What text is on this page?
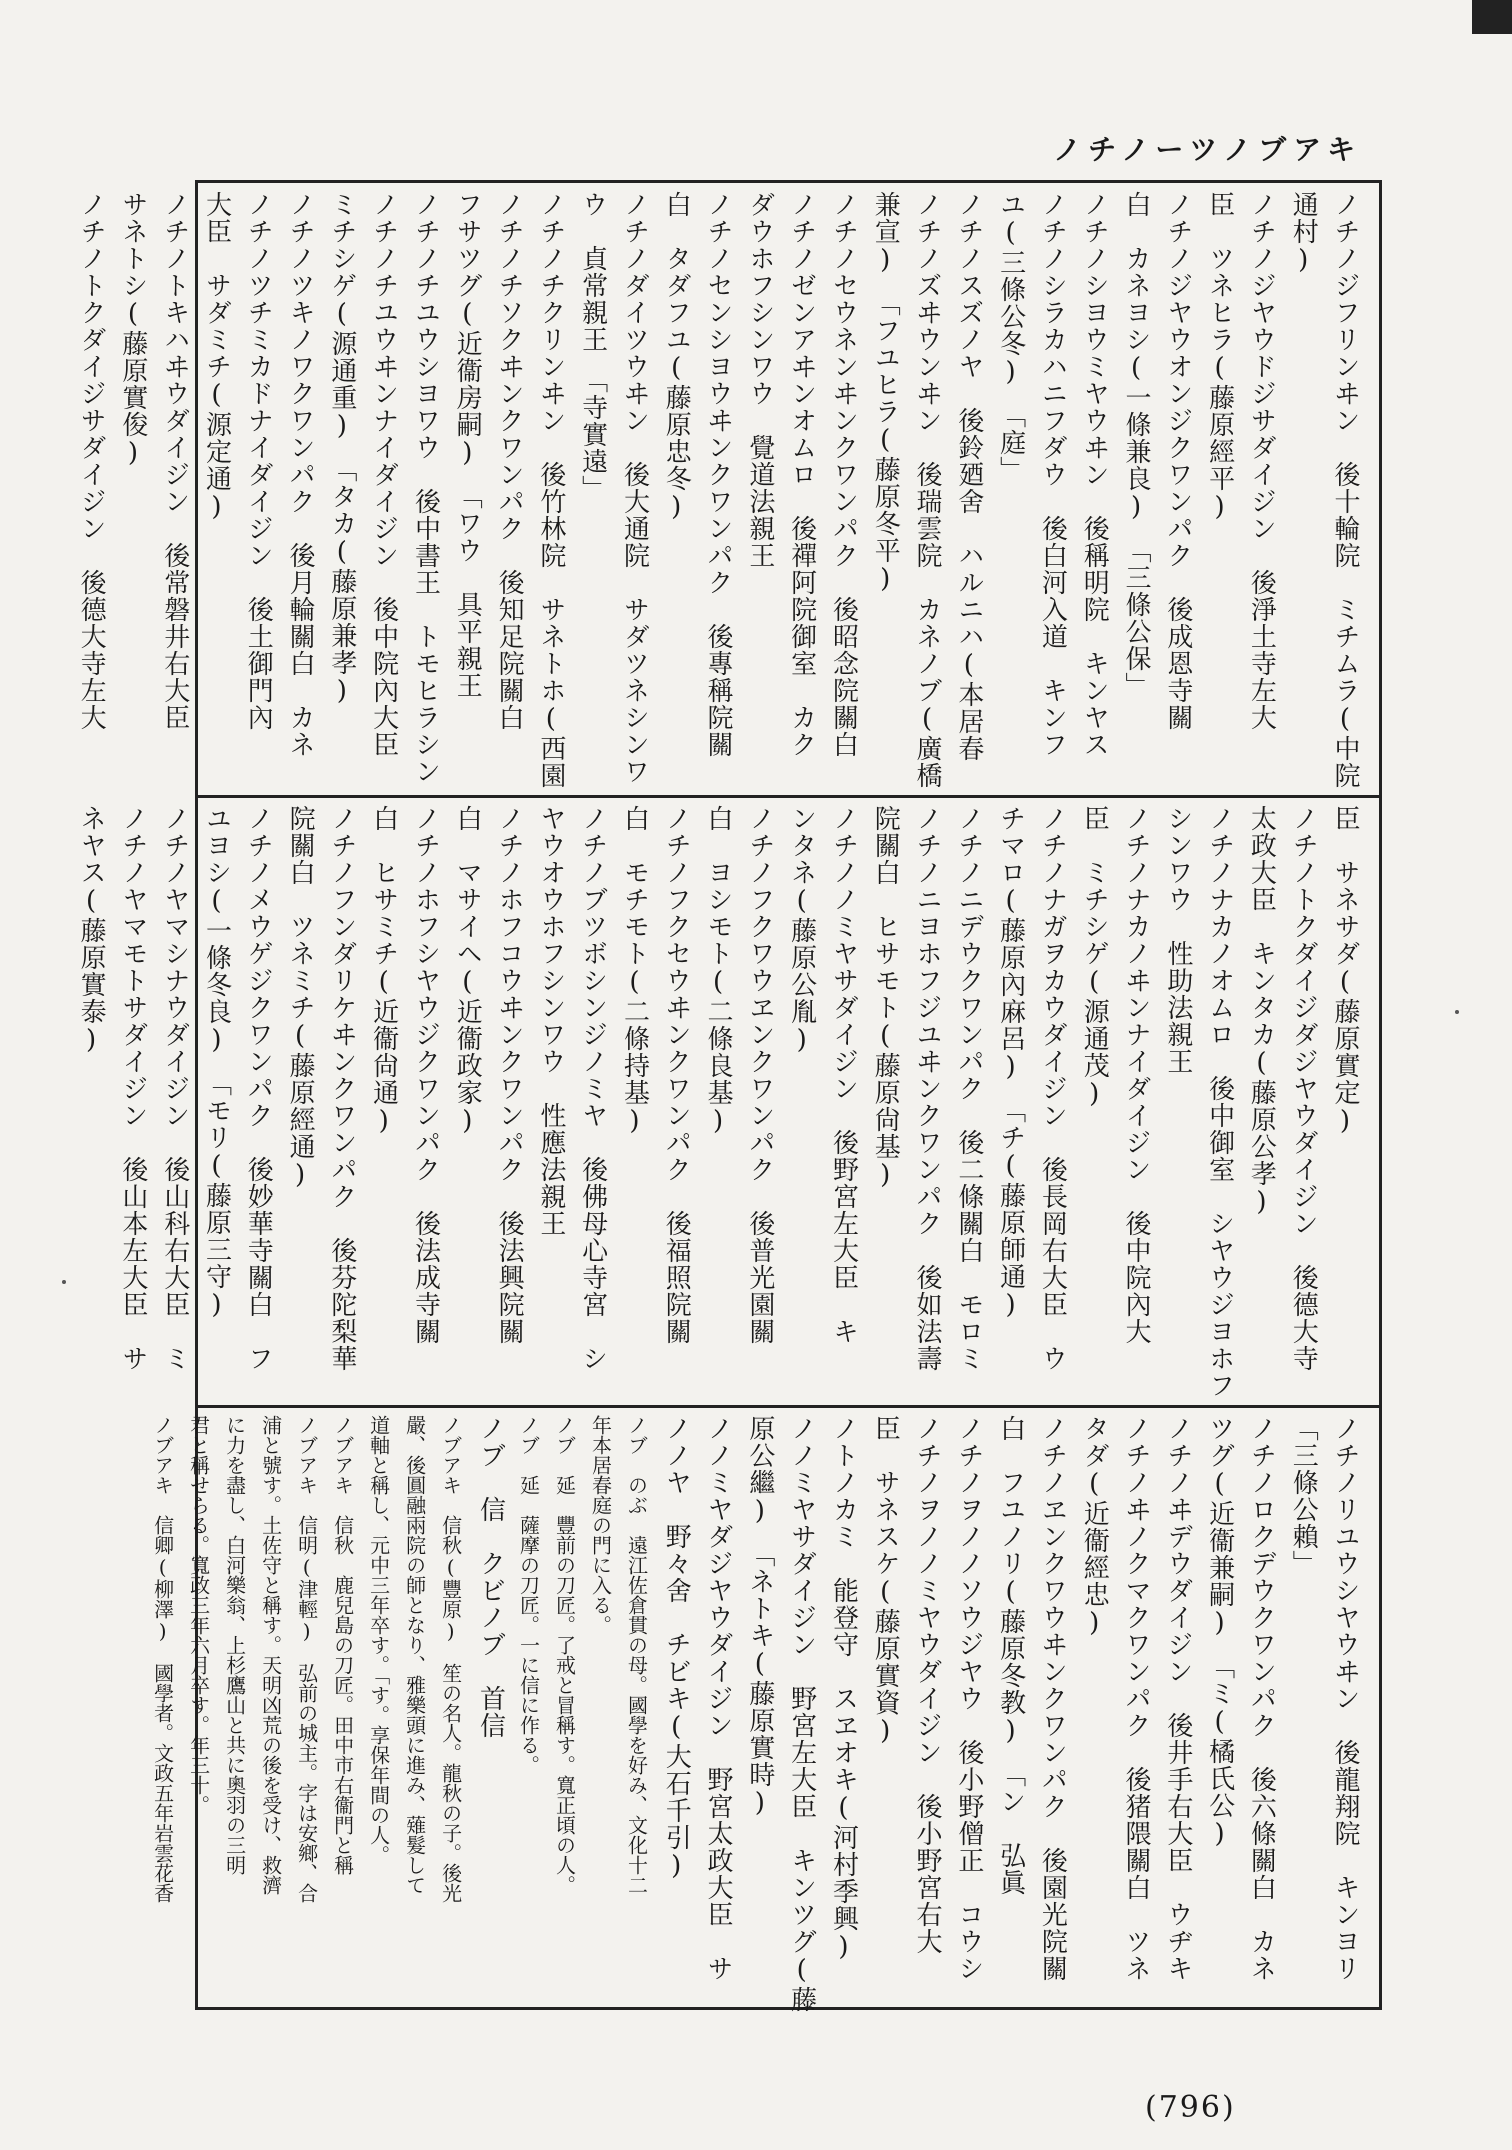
ノチノーツノブアキ
ノチノジフリンヰン　後十輪院　ミチムラ(中院
通村)
ノチノジヤウドジサダイジン　後淨土寺左大
臣　ツネヒラ(藤原經平)
ノチノジヤウオンジクワンパク　後成恩寺關
白　カネヨシ(一條兼良)　「三條公保」
ノチノシヨウミヤウヰン　後稱明院　キンヤス
ノチノシラカハニフダウ　後白河入道　キンフ
ユ(三條公冬)　「庭」
ノチノスズノヤ　後鈴廼舍　ハルニハ(本居春
ノチノズヰウンヰン　後瑞雲院　カネノブ(廣橋
兼宣)　「フユヒラ(藤原冬平)
ノチノセウネンヰンクワンパク　後昭念院關白
ノチノゼンアヰンオムロ　後禪阿院御室　カク
ダウホフシンワウ　覺道法親王
ノチノセンシヨウヰンクワンパク　後專稱院關
白　タダフユ(藤原忠冬)
ノチノダイツウヰン　後大通院　サダツネシンワ
ウ　貞常親王　「寺實遠」
ノチノチクリンヰン　後竹林院　サネトホ(西園
ノチノチソクヰンクワンパク　後知足院關白
フサツグ(近衞房嗣)　「ワウ　具平親王
ノチノチユウシヨワウ　後中書王　トモヒラシン
ノチノチユウヰンナイダイジン　後中院內大臣
ミチシゲ(源通重)　「タカ(藤原兼孝)
ノチノツキノワクワンパク　後月輪關白　カネ
ノチノツチミカドナイダイジン　後土御門內
大臣　サダミチ(源定通)
ノチノトキハヰウダイジン　後常磐井右大臣
サネトシ(藤原實俊)
ノチノトクダイジサダイジン　後德大寺左大
臣　サネサダ(藤原實定)
ノチノトクダイジダジヤウダイジン　後德大寺
太政大臣　キンタカ(藤原公孝)
ノチノナカノオムロ　後中御室　シヤウジヨホフ
シンワウ　性助法親王
ノチノナカノヰンナイダイジン　後中院內大
臣　ミチシゲ(源通茂)
ノチノナガヲカウダイジン　後長岡右大臣　ウ
チマロ(藤原內麻呂)　「チ(藤原師通)
ノチノニデウクワンパク　後二條關白　モロミ
ノチノニヨホフジユヰンクワンパク　後如法壽
院關白　ヒサモト(藤原尙基)
ノチノノミヤサダイジン　後野宮左大臣　キ
ンタネ(藤原公胤)
ノチノフクワウヱンクワンパク　後普光園關
白　ヨシモト(二條良基)
ノチノフクセウヰンクワンパク　後福照院關
白　モチモト(二條持基)
ノチノブツボシンジノミヤ　後佛母心寺宮　シ
ヤウオウホフシンワウ　性應法親王
ノチノホフコウヰンクワンパク　後法興院關
白　マサイヘ(近衞政家)
ノチノホフシヤウジクワンパク　後法成寺關
白　ヒサミチ(近衞尙通)
ノチノフンダリケヰンクワンパク　後芬陀梨華
院關白　ツネミチ(藤原經通)
ノチノメウゲジクワンパク　後妙華寺關白　フ
ユヨシ(一條冬良)　「モリ(藤原三守)
ノチノヤマシナウダイジン　後山科右大臣　ミ
ノチノヤマモトサダイジン　後山本左大臣　サ
ネヤス(藤原實泰)
ノチノリユウシヤウヰン　後龍翔院　キンヨリ
「三條公賴」
ノチノロクデウクワンパク　後六條關白　カネ
ツグ(近衞兼嗣)　「ミ(橘氏公)
ノチノヰデウダイジン　後井手右大臣　ウヂキ
ノチノヰノクマクワンパク　後猪隈關白　ツネ
タダ(近衞經忠)
ノチノヱンクワウヰンクワンパク　後園光院關
白　フユノリ(藤原冬教)　「ン　弘眞
ノチノヲノノソウジヤウ　後小野僧正　コウシ
ノチノヲノノミヤウダイジン　後小野宮右大
臣　サネスケ(藤原實資)
ノトノカミ　能登守　スヱオキ(河村季興)
ノノミヤサダイジン　野宮左大臣　キンツグ(藤
原公繼)　「ネトキ(藤原實時)
ノノミヤダジヤウダイジン　野宮太政大臣　サ
ノノヤ　野々舍　チビキ(大石千引)
ノブ　のぶ　遠江佐倉貫の母。國學を好み、文化十二
年本居春庭の門に入る。
ノブ　延　豐前の刀匠。了戒と冒稱す。寬正頃の人。
ノブ　延　薩摩の刀匠。一に信に作る。
ノブ　信　クビノブ　首信
ノブアキ　信秋(豐原)　笙の名人。龍秋の子。後光
嚴、後圓融兩院の師となり、雅樂頭に進み、薙髮して
道軸と稱し、元中三年卒す。「す。享保年間の人。
ノブアキ　信秋　鹿兒島の刀匠。田中市右衞門と稱
ノブアキ　信明(津輕)　弘前の城主。字は安鄉、合
浦と號す。土佐守と稱す。天明凶荒の後を受け、救濟
に力を盡し、白河樂翁、上杉鷹山と共に奧羽の三明
君と稱せらる。寬政三年六月卒す。年三十。
ノブアキ　信卿(柳澤)　國學者。文政五年岩雲花香
(796)
